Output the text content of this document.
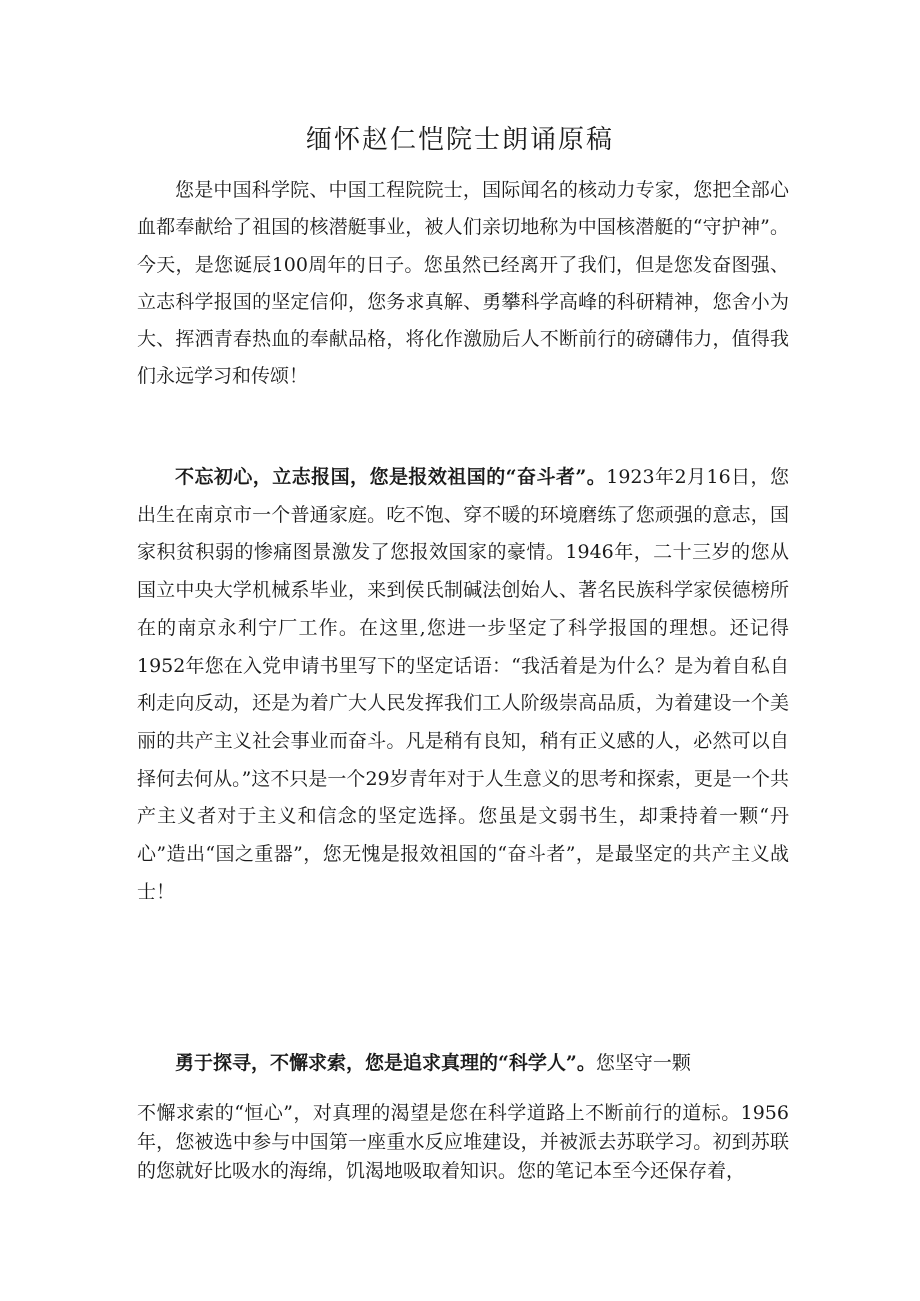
缅怀赵仁恺院士朗诵原稿

您是中国科学院、中国工程院院士，国际闻名的核动力专家，您把全部心血都奉献给了祖国的核潜艇事业，被人们亲切地称为中国核潜艇的“守护神”。今天，是您诞辰100周年的日子。您虽然已经离开了我们，但是您发奋图强、立志科学报国的坚定信仰，您务求真解、勇攀科学高峰的科研精神，您舍小为大、挥洒青春热血的奉献品格，将化作激励后人不断前行的磅礴伟力，值得我们永远学习和传颂！

不忘初心，立志报国，您是报效祖国的“奋斗者”。1923年2月16日，您出生在南京市一个普通家庭。吃不饱、穿不暖的环境磨练了您顽强的意志，国家积贫积弱的惨痛图景激发了您报效国家的豪情。1946年，二十三岁的您从国立中央大学机械系毕业，来到侯氏制碱法创始人、著名民族科学家侯德榜所在的南京永利宁厂工作。在这里,您进一步坚定了科学报国的理想。还记得1952年您在入党申请书里写下的坚定话语：“我活着是为什么？是为着自私自利走向反动，还是为着广大人民发挥我们工人阶级崇高品质，为着建设一个美丽的共产主义社会事业而奋斗。凡是稍有良知，稍有正义感的人，必然可以自择何去何从。”这不只是一个29岁青年对于人生意义的思考和探索，更是一个共产主义者对于主义和信念的坚定选择。您虽是文弱书生，却秉持着一颗“丹心”造出“国之重器”，您无愧是报效祖国的“奋斗者”，是最坚定的共产主义战士！

勇于探寻，不懈求索，您是追求真理的“科学人”。您坚守一颗

不懈求索的“恒心”，对真理的渴望是您在科学道路上不断前行的道标。1956年，您被选中参与中国第一座重水反应堆建设，并被派去苏联学习。初到苏联的您就好比吸水的海绵，饥渴地吸取着知识。您的笔记本至今还保存着，
